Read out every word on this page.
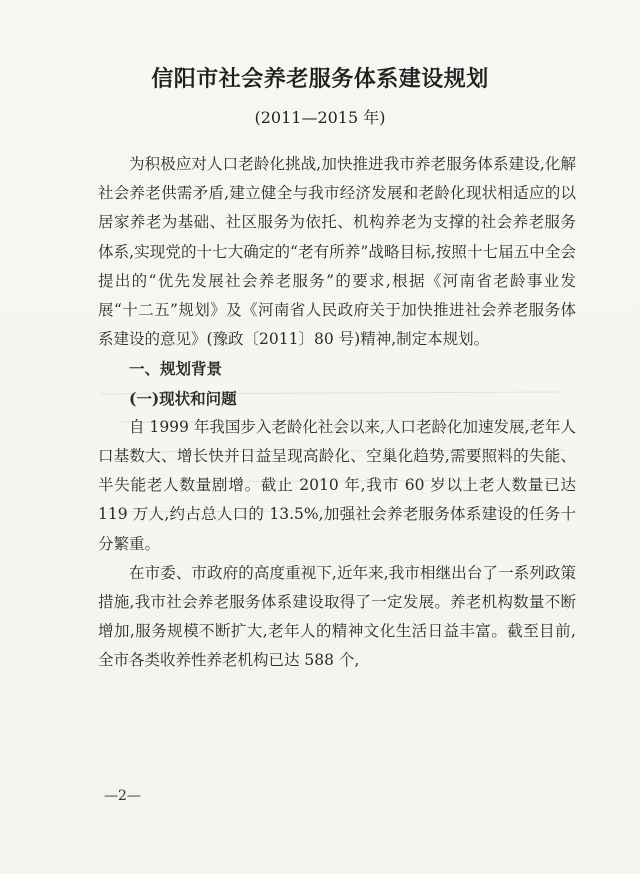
信阳市社会养老服务体系建设规划
(2011—2015 年)

为积极应对人口老龄化挑战,加快推进我市养老服务体系建设,化解社会养老供需矛盾,建立健全与我市经济发展和老龄化现状相适应的以居家养老为基础、社区服务为依托、机构养老为支撑的社会养老服务体系,实现党的十七大确定的“老有所养”战略目标,按照十七届五中全会提出的“优先发展社会养老服务”的要求,根据《河南省老龄事业发展“十二五”规划》及《河南省人民政府关于加快推进社会养老服务体系建设的意见》(豫政〔2011〕80 号)精神,制定本规划。

一、规划背景

(一)现状和问题

自 1999 年我国步入老龄化社会以来,人口老龄化加速发展,老年人口基数大、增长快并日益呈现高龄化、空巢化趋势,需要照料的失能、半失能老人数量剧增。截止 2010 年,我市 60 岁以上老人数量已达 119 万人,约占总人口的 13.5%,加强社会养老服务体系建设的任务十分繁重。

在市委、市政府的高度重视下,近年来,我市相继出台了一系列政策措施,我市社会养老服务体系建设取得了一定发展。养老机构数量不断增加,服务规模不断扩大,老年人的精神文化生活日益丰富。截至目前,全市各类收养性养老机构已达 588 个,

—2—
